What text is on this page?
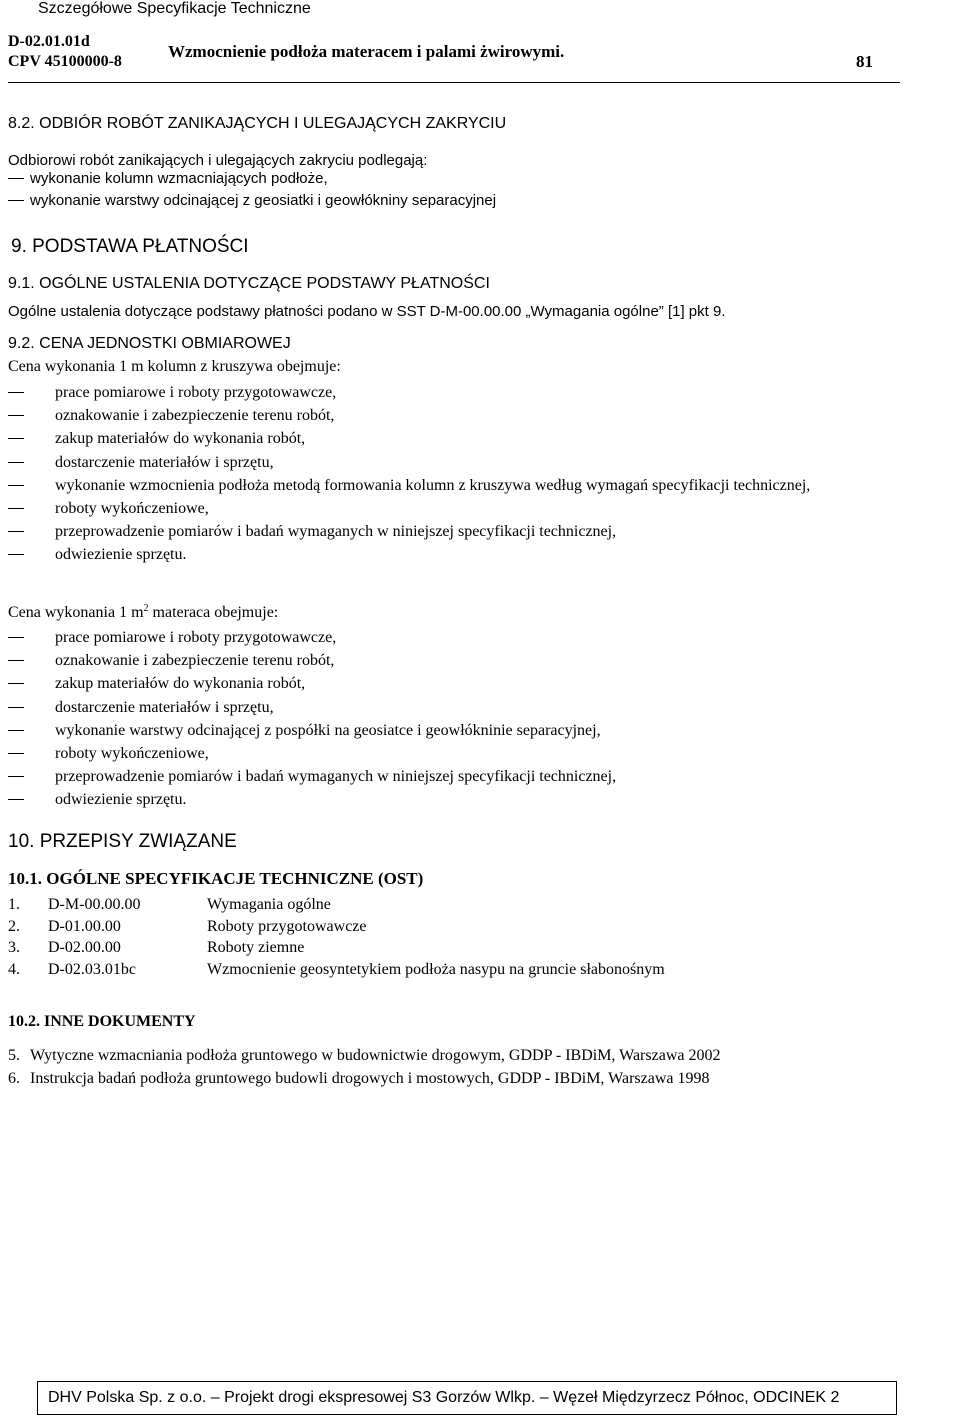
Szczegółowe Specyfikacje Techniczne
D-02.01.01d
CPV 45100000-8
Wzmocnienie podłoża materacem i palami żwirowymi.
81
8.2. ODBIÓR ROBÓT ZANIKAJĄCYCH I ULEGAJĄCYCH ZAKRYCIU
Odbiorowi robót zanikających i ulegających zakryciu podlegają:
wykonanie kolumn wzmacniających podłoże,
wykonanie warstwy odcinającej z geosiatki i geowłókniny separacyjnej
9. PODSTAWA PŁATNOŚCI
9.1. OGÓLNE USTALENIA DOTYCZĄCE PODSTAWY PŁATNOŚCI
Ogólne ustalenia dotyczące podstawy płatności podano w SST D-M-00.00.00 „Wymagania ogólne” [1] pkt 9.
9.2. CENA JEDNOSTKI OBMIAROWEJ
Cena wykonania 1 m kolumn z kruszywa obejmuje:
prace pomiarowe i roboty przygotowawcze,
oznakowanie i zabezpieczenie terenu robót,
zakup materiałów do wykonania robót,
dostarczenie materiałów i sprzętu,
wykonanie wzmocnienia podłoża metodą formowania kolumn z kruszywa według wymagań specyfikacji technicznej,
roboty wykończeniowe,
przeprowadzenie pomiarów i badań wymaganych w niniejszej specyfikacji technicznej,
odwiezienie sprzętu.
Cena wykonania 1 $m^2$ materaca obejmuje:
prace pomiarowe i roboty przygotowawcze,
oznakowanie i zabezpieczenie terenu robót,
zakup materiałów do wykonania robót,
dostarczenie materiałów i sprzętu,
wykonanie warstwy odcinającej z pospółki na geosiatce i geowłókninie separacyjnej,
roboty wykończeniowe,
przeprowadzenie pomiarów i badań wymaganych w niniejszej specyfikacji technicznej,
odwiezienie sprzętu.
10. PRZEPISY ZWIĄZANE
10.1. OGÓLNE SPECYFIKACJE TECHNICZNE (OST)
1. D-M-00.00.00	Wymagania ogólne
2. D-01.00.00	Roboty przygotowawcze
3. D-02.00.00	Roboty ziemne
4. D-02.03.01bc	Wzmocnienie geosyntetykiem podłoża nasypu na gruncie słabonośnym
10.2. INNE DOKUMENTY
5. Wytyczne wzmacniania podłoża gruntowego w budownictwie drogowym, GDDP - IBDiM, Warszawa 2002
6. Instrukcja badań podłoża gruntowego budowli drogowych i mostowych, GDDP - IBDiM, Warszawa 1998
DHV Polska Sp. z o.o. – Projekt drogi ekspresowej S3 Gorzów Wlkp. – Węzeł Międzyrzecz Północ, ODCINEK 2
